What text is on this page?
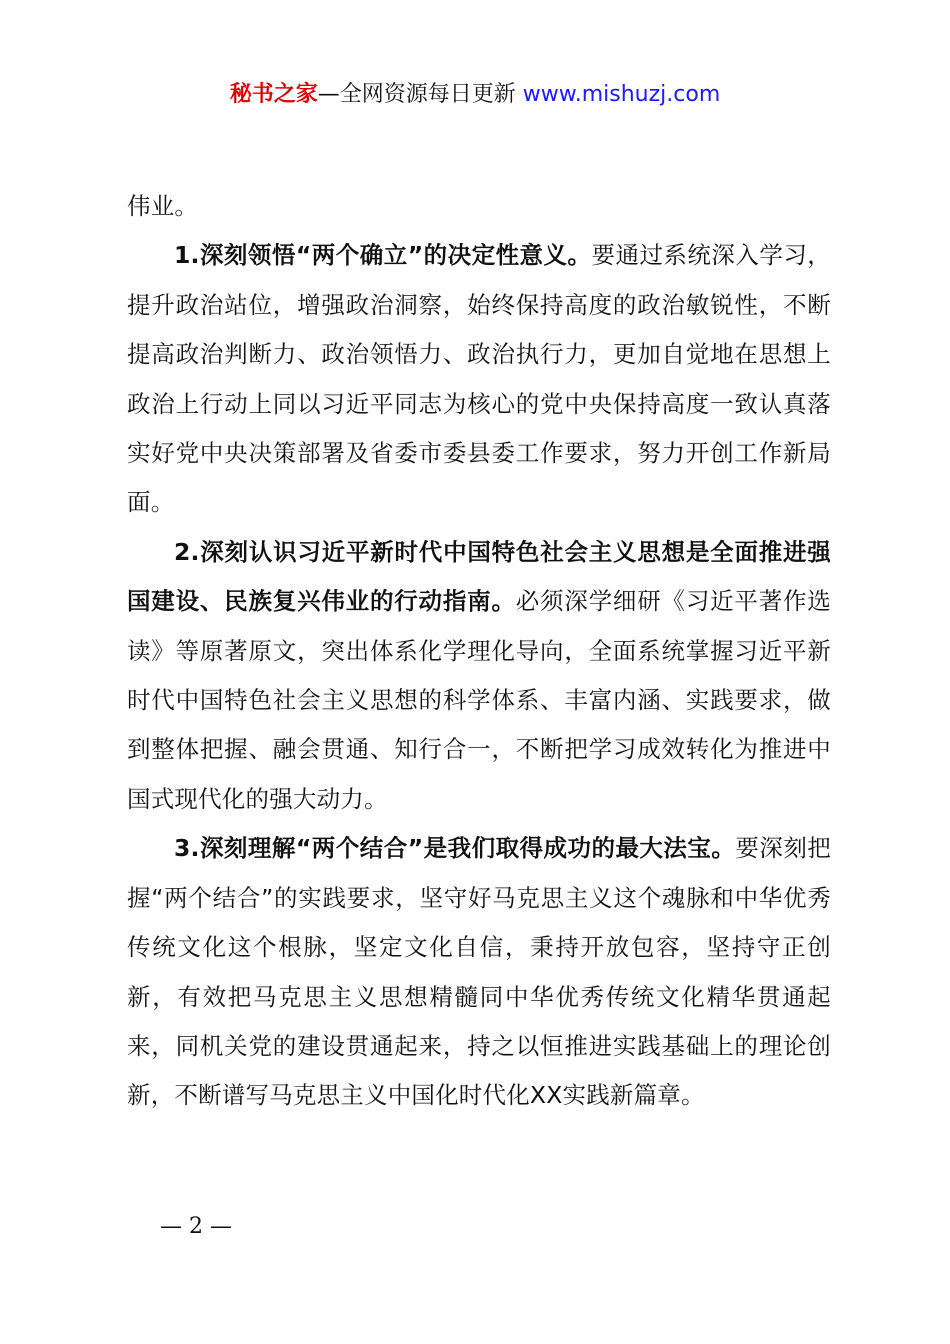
秘书之家—全网资源每日更新 www.mishuzj.com

伟业。

1.深刻领悟“两个确立”的决定性意义。要通过系统深入学习，提升政治站位，增强政治洞察，始终保持高度的政治敏锐性，不断提高政治判断力、政治领悟力、政治执行力，更加自觉地在思想上政治上行动上同以习近平同志为核心的党中央保持高度一致认真落实好党中央决策部署及省委市委县委工作要求，努力开创工作新局面。

2.深刻认识习近平新时代中国特色社会主义思想是全面推进强国建设、民族复兴伟业的行动指南。必须深学细研《习近平著作选读》等原著原文，突出体系化学理化导向，全面系统掌握习近平新时代中国特色社会主义思想的科学体系、丰富内涵、实践要求，做到整体把握、融会贯通、知行合一，不断把学习成效转化为推进中国式现代化的强大动力。

3.深刻理解“两个结合”是我们取得成功的最大法宝。要深刻把握“两个结合”的实践要求，坚守好马克思主义这个魂脉和中华优秀传统文化这个根脉，坚定文化自信，秉持开放包容，坚持守正创新，有效把马克思主义思想精髓同中华优秀传统文化精华贯通起来，同机关党的建设贯通起来，持之以恒推进实践基础上的理论创新，不断谱写马克思主义中国化时代化XX实践新篇章。

— 2 —
